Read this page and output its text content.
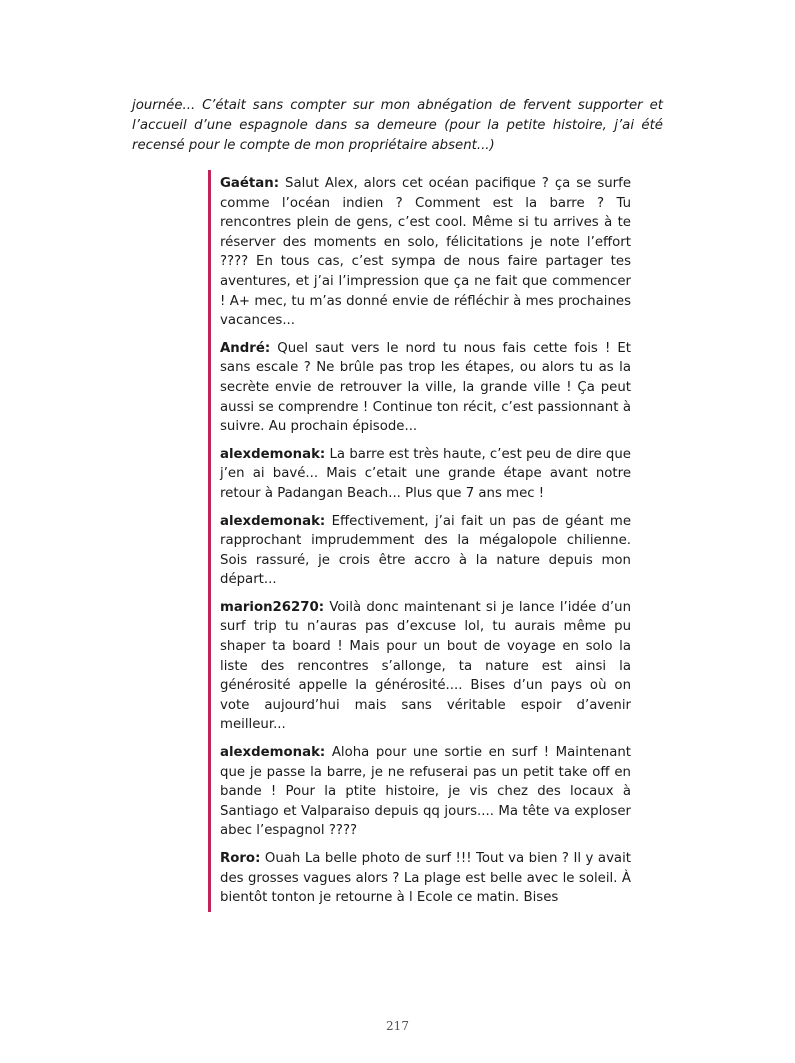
journée... C’était sans compter sur mon abnégation de fervent supporter et l’accueil d’une espagnole dans sa demeure (pour la petite histoire, j’ai été recensé pour le compte de mon propriétaire absent...)

Gaétan: Salut Alex, alors cet océan pacifique ? ça se surfe comme l’océan indien ? Comment est la barre ? Tu rencontres plein de gens, c’est cool. Même si tu arrives à te réserver des moments en solo, félicitations je note l’effort ???? En tous cas, c’est sympa de nous faire partager tes aventures, et j’ai l’impression que ça ne fait que commencer ! A+ mec, tu m’as donné envie de réfléchir à mes prochaines vacances...

André: Quel saut vers le nord tu nous fais cette fois ! Et sans escale ? Ne brûle pas trop les étapes, ou alors tu as la secrète envie de retrouver la ville, la grande ville ! Ça peut aussi se comprendre ! Continue ton récit, c’est passionnant à suivre. Au prochain épisode...

alexdemonak: La barre est très haute, c’est peu de dire que j’en ai bavé... Mais c’etait une grande étape avant notre retour à Padangan Beach... Plus que 7 ans mec !

alexdemonak: Effectivement, j’ai fait un pas de géant me rapprochant imprudemment des la mégalopole chilienne. Sois rassuré, je crois être accro à la nature depuis mon départ...

marion26270: Voilà donc maintenant si je lance l’idée d’un surf trip tu n’auras pas d’excuse lol, tu aurais même pu shaper ta board ! Mais pour un bout de voyage en solo la liste des rencontres s’allonge, ta nature est ainsi la générosité appelle la générosité.... Bises d’un pays où on vote aujourd’hui mais sans véritable espoir d’avenir meilleur...

alexdemonak: Aloha pour une sortie en surf ! Maintenant que je passe la barre, je ne refuserai pas un petit take off en bande ! Pour la ptite histoire, je vis chez des locaux à Santiago et Valparaiso depuis qq jours.... Ma tête va exploser abec l’espagnol ????

Roro: Ouah La belle photo de surf !!! Tout va bien ? Il y avait des grosses vagues alors ? La plage est belle avec le soleil. À bientôt tonton je retourne à l Ecole ce matin. Bises

217
